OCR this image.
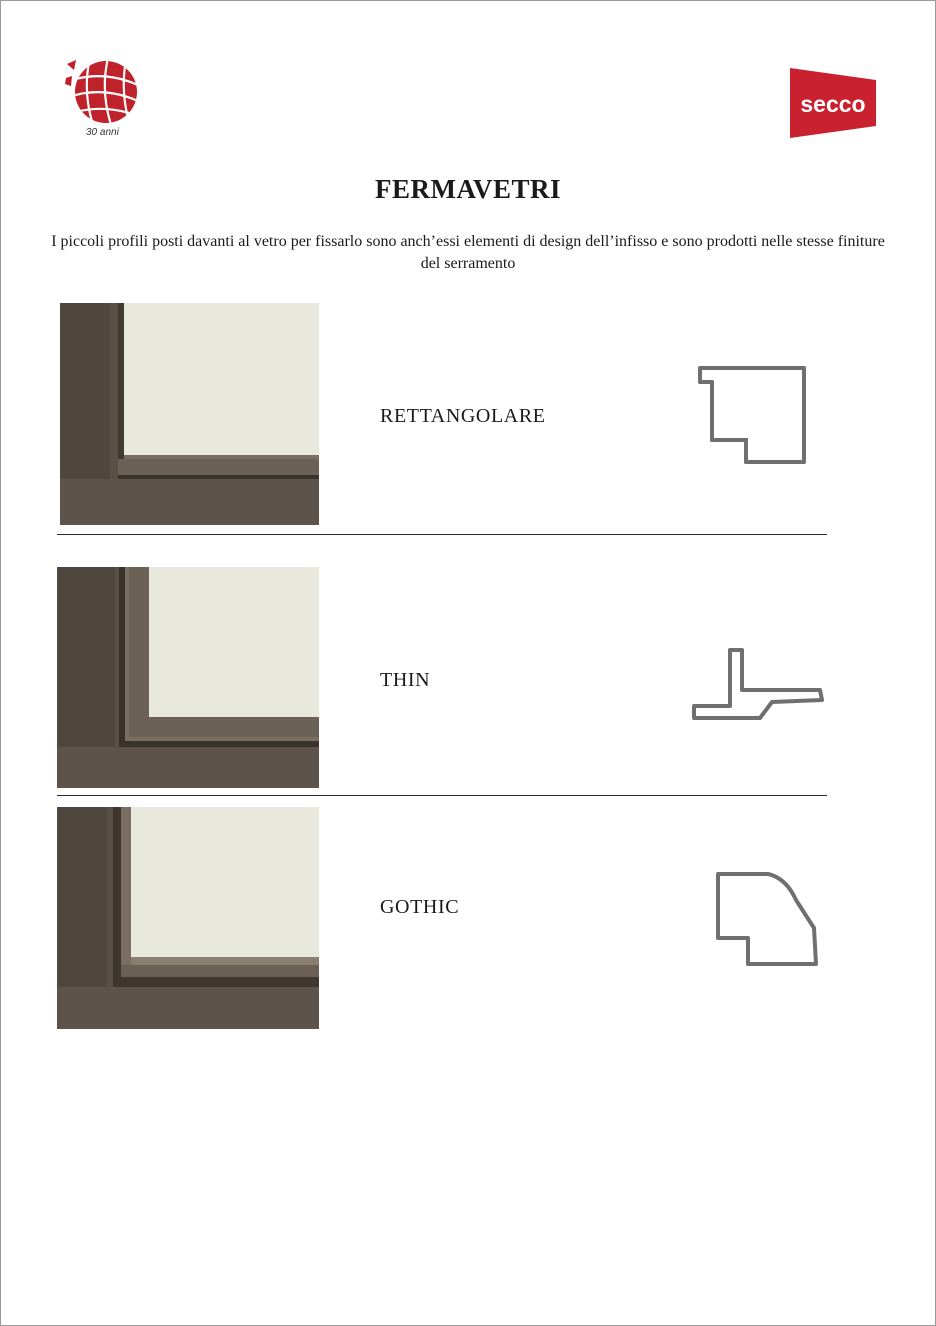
30 anni
secco
FERMAVETRI
I piccoli profili posti davanti al vetro per fissarlo sono anch’essi elementi di design dell’infisso e sono prodotti nelle stesse finiture del serramento
RETTANGOLARE
THIN
GOTHIC
